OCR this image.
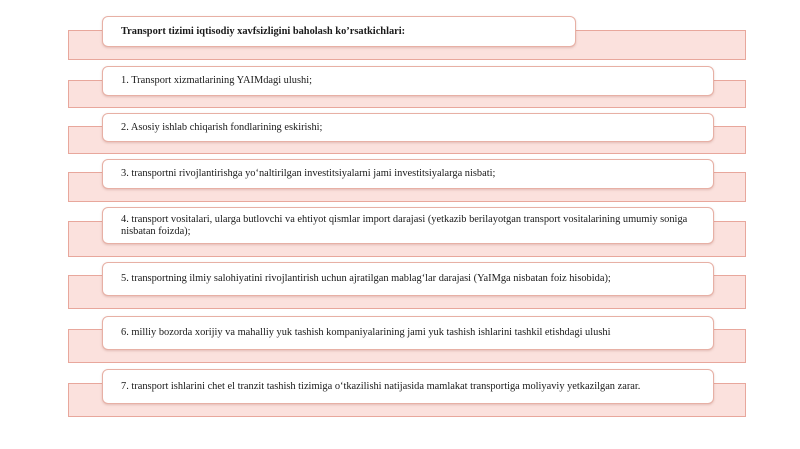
Transport tizimi iqtisodiy xavfsizligini baholash ko’rsatkichlari:
1. Transport xizmatlarining YAIMdagi ulushi;
2. Asosiy ishlab chiqarish fondlarining eskirishi;
3. transportni rivojlantirishga yo‘naltirilgan investitsiyalarni jami investitsiyalarga nisbati;
4. transport vositalari, ularga butlovchi va ehtiyot qismlar import darajasi (yetkazib berilayotgan transport vositalarining umumiy soniga nisbatan foizda);
5. transportning ilmiy salohiyatini rivojlantirish uchun ajratilgan mablag‘lar darajasi (YaIMga nisbatan foiz hisobida);
6. milliy bozorda xorijiy va mahalliy yuk tashish kompaniyalarining jami yuk tashish ishlarini tashkil etishdagi ulushi
7. transport ishlarini chet el tranzit tashish tizimiga o‘tkazilishi natijasida mamlakat transportiga moliyaviy yetkazilgan zarar.
